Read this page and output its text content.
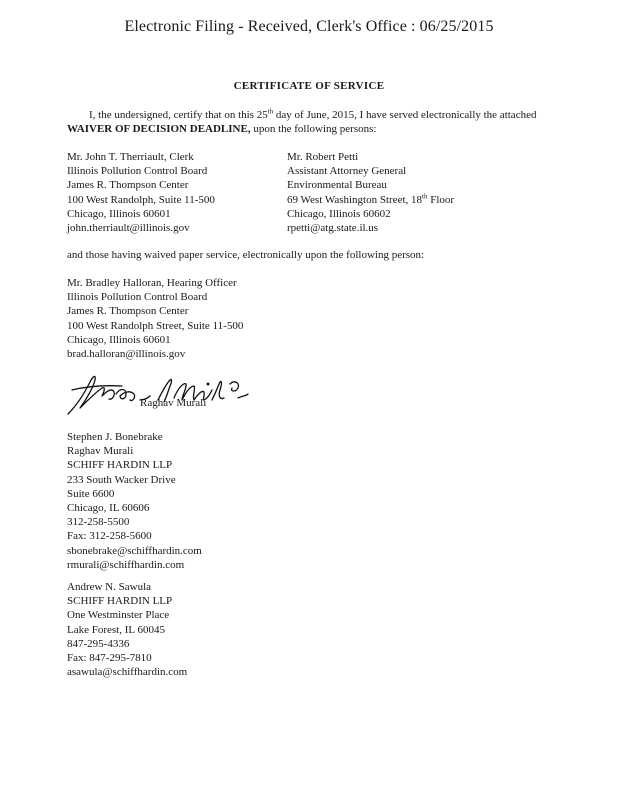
Electronic Filing - Received, Clerk's Office : 06/25/2015
CERTIFICATE OF SERVICE
I, the undersigned, certify that on this 25th day of June, 2015, I have served electronically the attached WAIVER OF DECISION DEADLINE, upon the following persons:
Mr. John T. Therriault, Clerk
Illinois Pollution Control Board
James R. Thompson Center
100 West Randolph, Suite 11-500
Chicago, Illinois 60601
john.therriault@illinois.gov
Mr. Robert Petti
Assistant Attorney General
Environmental Bureau
69 West Washington Street, 18th Floor
Chicago, Illinois 60602
rpetti@atg.state.il.us
and those having waived paper service, electronically upon the following person:
Mr. Bradley Halloran, Hearing Officer
Illinois Pollution Control Board
James R. Thompson Center
100 West Randolph Street, Suite 11-500
Chicago, Illinois 60601
brad.halloran@illinois.gov
Raghav Murali
Stephen J. Bonebrake
Raghav Murali
SCHIFF HARDIN LLP
233 South Wacker Drive
Suite 6600
Chicago, IL 60606
312-258-5500
Fax: 312-258-5600
sbonebrake@schiffhardin.com
rmurali@schiffhardin.com
Andrew N. Sawula
SCHIFF HARDIN LLP
One Westminster Place
Lake Forest, IL 60045
847-295-4336
Fax: 847-295-7810
asawula@schiffhardin.com
